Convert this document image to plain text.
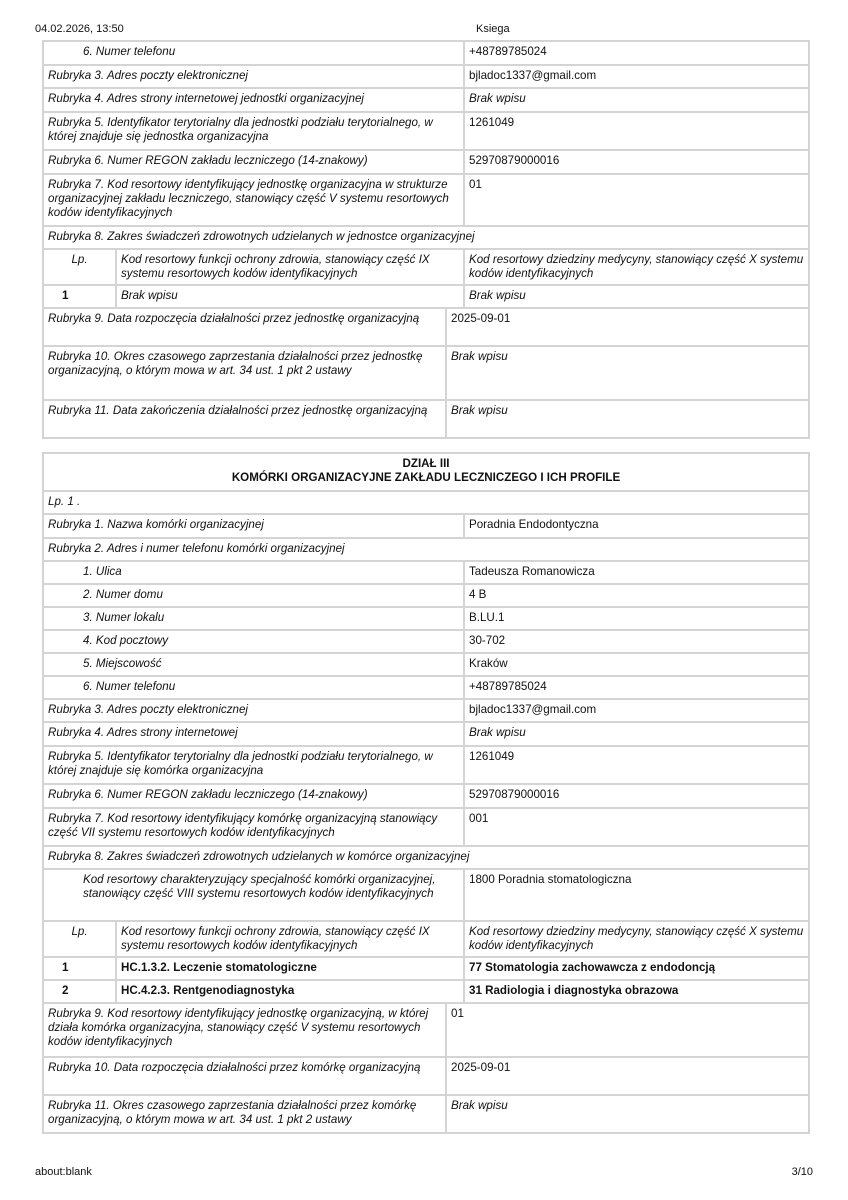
04.02.2026, 13:50	Ksiega
6. Numer telefonu			+48789785024
Rubryka 3. Adres poczty elektronicznej			bjladoc1337@gmail.com
Rubryka 4. Adres strony internetowej jednostki organizacyjnej			Brak wpisu
Rubryka 5. Identyfikator terytorialny dla jednostki podziału terytorialnego, w której znajduje się jednostka organizacyjna			1261049
Rubryka 6. Numer REGON zakładu leczniczego (14-znakowy)			52970879000016
Rubryka 7. Kod resortowy identyfikujący jednostkę organizacyjna w strukturze organizacyjnej zakładu leczniczego, stanowiący część V systemu resortowych kodów identyfikacyjnych			01
Rubryka 8. Zakres świadczeń zdrowotnych udzielanych w jednostce organizacyjnej			
Lp.	Kod resortowy funkcji ochrony zdrowia, stanowiący część IX systemu resortowych kodów identyfikacyjnych		Kod resortowy dziedziny medycyny, stanowiący część X systemu kodów identyfikacyjnych
1	Brak wpisu		Brak wpisu
Rubryka 9. Data rozpoczęcia działalności przez jednostkę organizacyjną		2025-09-01	
Rubryka 10. Okres czasowego zaprzestania działalności przez jednostkę organizacyjną, o którym mowa w art. 34 ust. 1 pkt 2 ustawy		Brak wpisu	
Rubryka 11. Data zakończenia działalności przez jednostkę organizacyjną		Brak wpisu	
DZIAŁ III
KOMÓRKI ORGANIZACYJNE ZAKŁADU LECZNICZEGO I ICH PROFILE			

Lp. 1 .			
Rubryka 1. Nazwa komórki organizacyjnej			Poradnia Endodontyczna
Rubryka 2. Adres i numer telefonu komórki organizacyjnej			
1. Ulica			Tadeusza Romanowicza
2. Numer domu			4 B
3. Numer lokalu			B.LU.1
4. Kod pocztowy			30-702
5. Miejscowość			Kraków
6. Numer telefonu			+48789785024
Rubryka 3. Adres poczty elektronicznej			bjladoc1337@gmail.com
Rubryka 4. Adres strony internetowej			Brak wpisu
Rubryka 5. Identyfikator terytorialny dla jednostki podziału terytorialnego, w której znajduje się komórka organizacyjna			1261049
Rubryka 6. Numer REGON zakładu leczniczego (14-znakowy)			52970879000016
Rubryka 7. Kod resortowy identyfikujący komórkę organizacyjną stanowiący część VII systemu resortowych kodów identyfikacyjnych			001
Rubryka 8. Zakres świadczeń zdrowotnych udzielanych w komórce organizacyjnej			
Kod resortowy charakteryzujący specjalność komórki organizacyjnej, stanowiący część VIII systemu resortowych kodów identyfikacyjnych			1800 Poradnia stomatologiczna
Lp.	Kod resortowy funkcji ochrony zdrowia, stanowiący część IX systemu resortowych kodów identyfikacyjnych		Kod resortowy dziedziny medycyny, stanowiący część X systemu kodów identyfikacyjnych
1	HC.1.3.2. Leczenie stomatologiczne		77 Stomatologia zachowawcza z endodoncją
2	HC.4.2.3. Rentgenodiagnostyka		31 Radiologia i diagnostyka obrazowa
Rubryka 9. Kod resortowy identyfikujący jednostkę organizacyjną, w której działa komórka organizacyjna, stanowiący część V systemu resortowych kodów identyfikacyjnych		01	
Rubryka 10. Data rozpoczęcia działalności przez komórkę organizacyjną		2025-09-01	
Rubryka 11. Okres czasowego zaprzestania działalności przez komórkę organizacyjną, o którym mowa w art. 34 ust. 1 pkt 2 ustawy		Brak wpisu	
about:blank	3/10
